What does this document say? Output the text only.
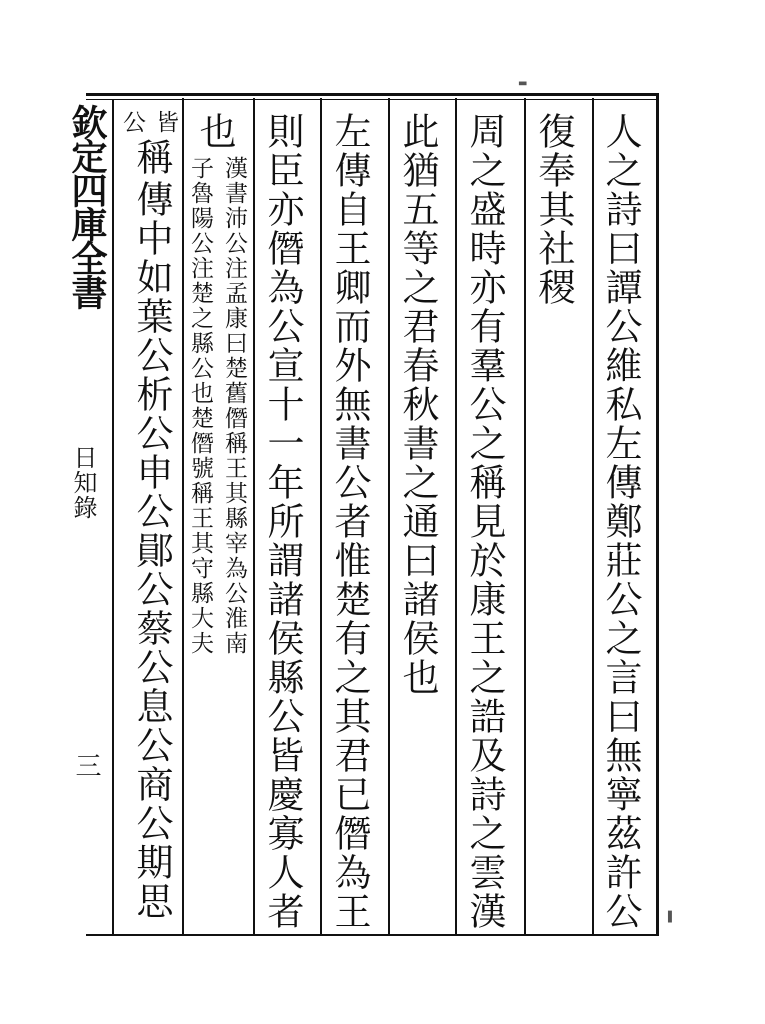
欽定四庫全書
日知錄
三	人之詩曰譚公維私左傳鄭莊公之言曰無寧茲許公
復奉其社稷
周之盛時亦有羣公之稱見於康王之誥及詩之雲漢
此猶五等之君春秋書之通曰諸侯也
左傳自王卿而外無書公者惟楚有之其君已僭為王
則臣亦僭為公宣十一年所謂諸侯縣公皆慶寡人者
也
漢書沛公注孟康曰楚舊僭稱王其縣宰為公淮南
子魯陽公注楚之縣公也楚僭號稱王其守縣大夫
皆
公
稱
傳中如葉公析公申公鄖公蔡公息公商公期思
▬
▌
